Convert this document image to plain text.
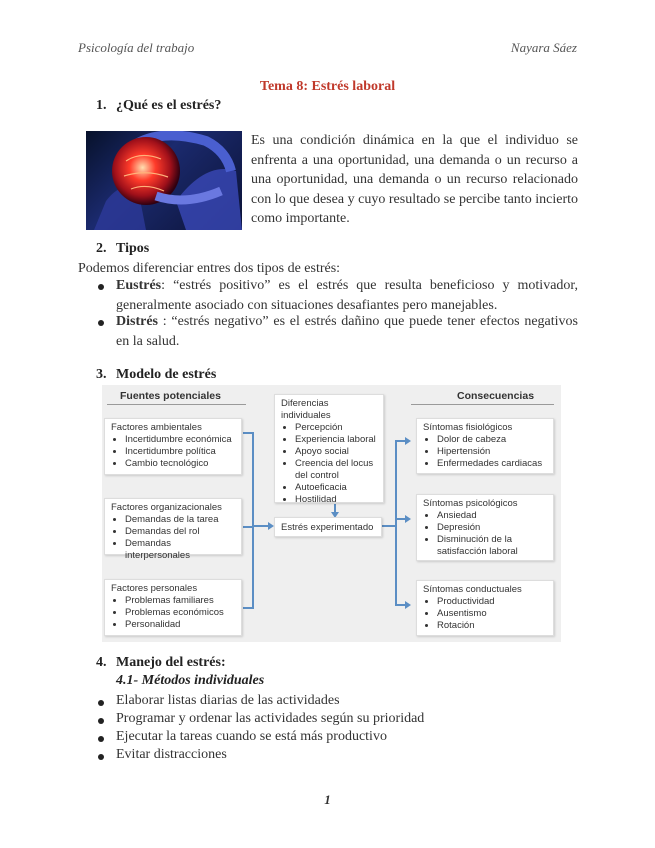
Psicología del trabajo	Nayara Sáez
Tema 8: Estrés laboral
1. ¿Qué es el estrés?
Es una condición dinámica en la que el individuo se enfrenta a una oportunidad, una demanda o un recurso a una oportunidad, una demanda o un recurso relacionado con lo que desea y cuyo resultado se percibe tanto incierto como importante.
2. Tipos
Podemos diferenciar entres dos tipos de estrés:
Eustrés: “estrés positivo” es el estrés que resulta beneficioso y motivador, generalmente asociado con situaciones desafiantes pero manejables.
Distrés : “estrés negativo” es el estrés dañino que puede tener efectos negativos en la salud.
3. Modelo de estrés
Fuentes potenciales	Consecuencias
Factores ambientales
• Incertidumbre económica
• Incertidumbre política
• Cambio tecnológico
Factores organizacionales
• Demandas de la tarea
• Demandas del rol
• Demandas interpersonales
Factores personales
• Problemas familiares
• Problemas económicos
• Personalidad
Diferencias individuales
• Percepción
• Experiencia laboral
• Apoyo social
• Creencia del locus del control
• Autoeficacia
• Hostilidad
Estrés experimentado
Síntomas fisiológicos
• Dolor de cabeza
• Hipertensión
• Enfermedades cardiacas
Síntomas psicológicos
• Ansiedad
• Depresión
• Disminución de la satisfacción laboral
Síntomas conductuales
• Productividad
• Ausentismo
• Rotación
4. Manejo del estrés:
4.1- Métodos individuales
Elaborar listas diarias de las actividades
Programar y ordenar las actividades según su prioridad
Ejecutar la tareas cuando se está más productivo
Evitar distracciones
1
